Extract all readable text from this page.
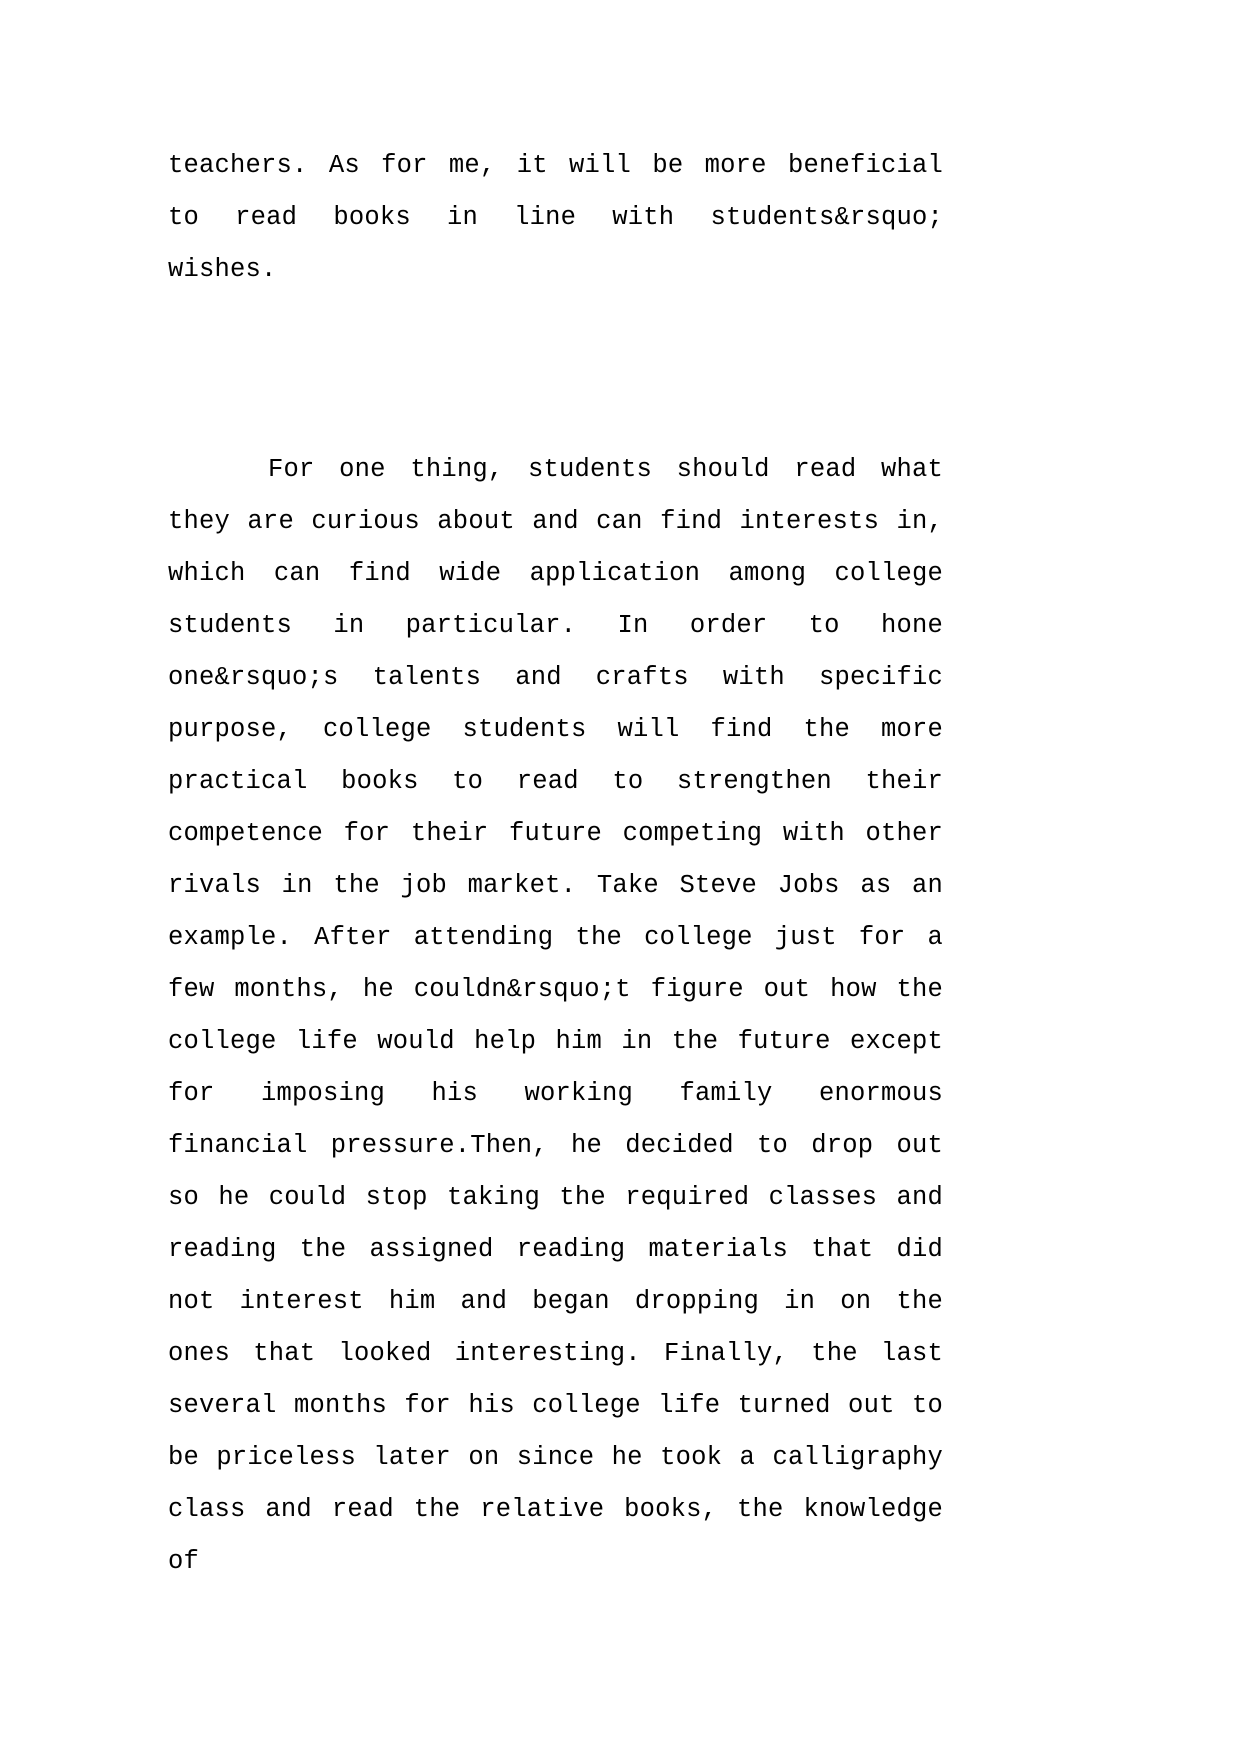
teachers. As for me, it will be more beneficial to read books in line with students&rsquo; wishes.

For one thing, students should read what they are curious about and can find interests in, which can find wide application among college students in particular. In order to hone one&rsquo;s talents and crafts with specific purpose, college students will find the more practical books to read to strengthen their competence for their future competing with other rivals in the job market. Take Steve Jobs as an example. After attending the college just for a few months, he couldn&rsquo;t figure out how the college life would help him in the future except for imposing his working family enormous financial pressure.Then, he decided to drop out so he could stop taking the required classes and reading the assigned reading materials that did not interest him and began dropping in on the ones that looked interesting. Finally, the last several months for his college life turned out to be priceless later on since he took a calligraphy class and read the relative books, the knowledge of
